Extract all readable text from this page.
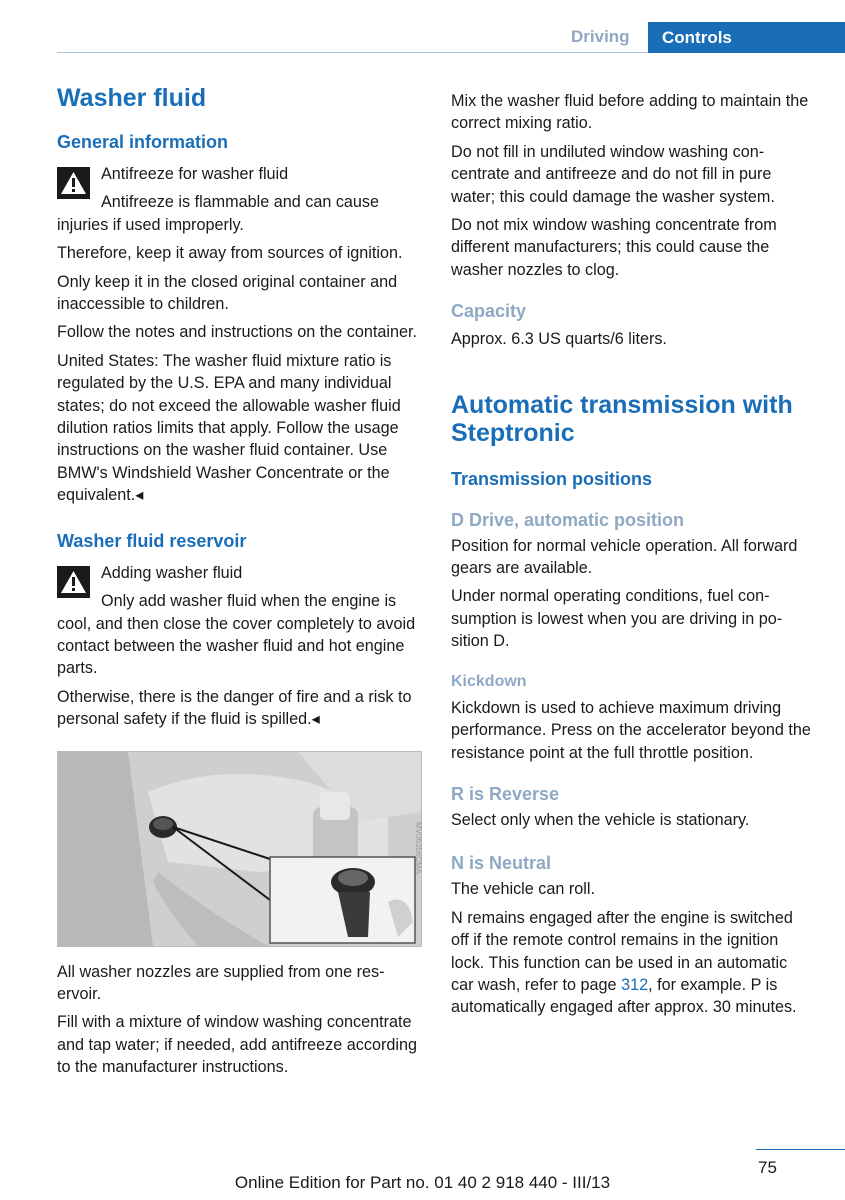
Driving	Controls
Washer fluid
General information

Antifreeze for washer fluid

Antifreeze is flammable and can cause

injuries if used improperly.

Therefore, keep it away from sources of ignition.

Only keep it in the closed original container and inaccessible to children.

Follow the notes and instructions on the container.

United States: The washer fluid mixture ratio is regulated by the U.S. EPA and many individual states; do not exceed the allowable washer fluid dilution ratios limits that apply. Follow the usage instructions on the washer fluid container. Use BMW's Windshield Washer Concentrate or the equivalent.◂

Washer fluid reservoir

Adding washer fluid

Only add washer fluid when the engine is

cool, and then close the cover completely to avoid contact between the washer fluid and hot engine parts.

Otherwise, there is the danger of fire and a risk to personal safety if the fluid is spilled.◂

MV06356CMA

All washer nozzles are supplied from one reservoir.

Fill with a mixture of window washing concentrate and tap water; if needed, add antifreeze according to the manufacturer instructions.

Mix the washer fluid before adding to maintain the correct mixing ratio.

Do not fill in undiluted window washing concentrate and antifreeze and do not fill in pure water; this could damage the washer system.

Do not mix window washing concentrate from different manufacturers; this could cause the washer nozzles to clog.

Capacity

Approx. 6.3 US quarts/6 liters.

Automatic transmission with Steptronic
Transmission positions
D Drive, automatic position

Position for normal vehicle operation. All forward gears are available.

Under normal operating conditions, fuel consumption is lowest when you are driving in position D.

Kickdown

Kickdown is used to achieve maximum driving performance. Press on the accelerator beyond the resistance point at the full throttle position.

R is Reverse

Select only when the vehicle is stationary.

N is Neutral

The vehicle can roll.

N remains engaged after the engine is switched off if the remote control remains in the ignition lock. This function can be used in an automatic car wash, refer to page 312, for example. P is automatically engaged after approx. 30 minutes.

75
Online Edition for Part no. 01 40 2 918 440 - III/13
